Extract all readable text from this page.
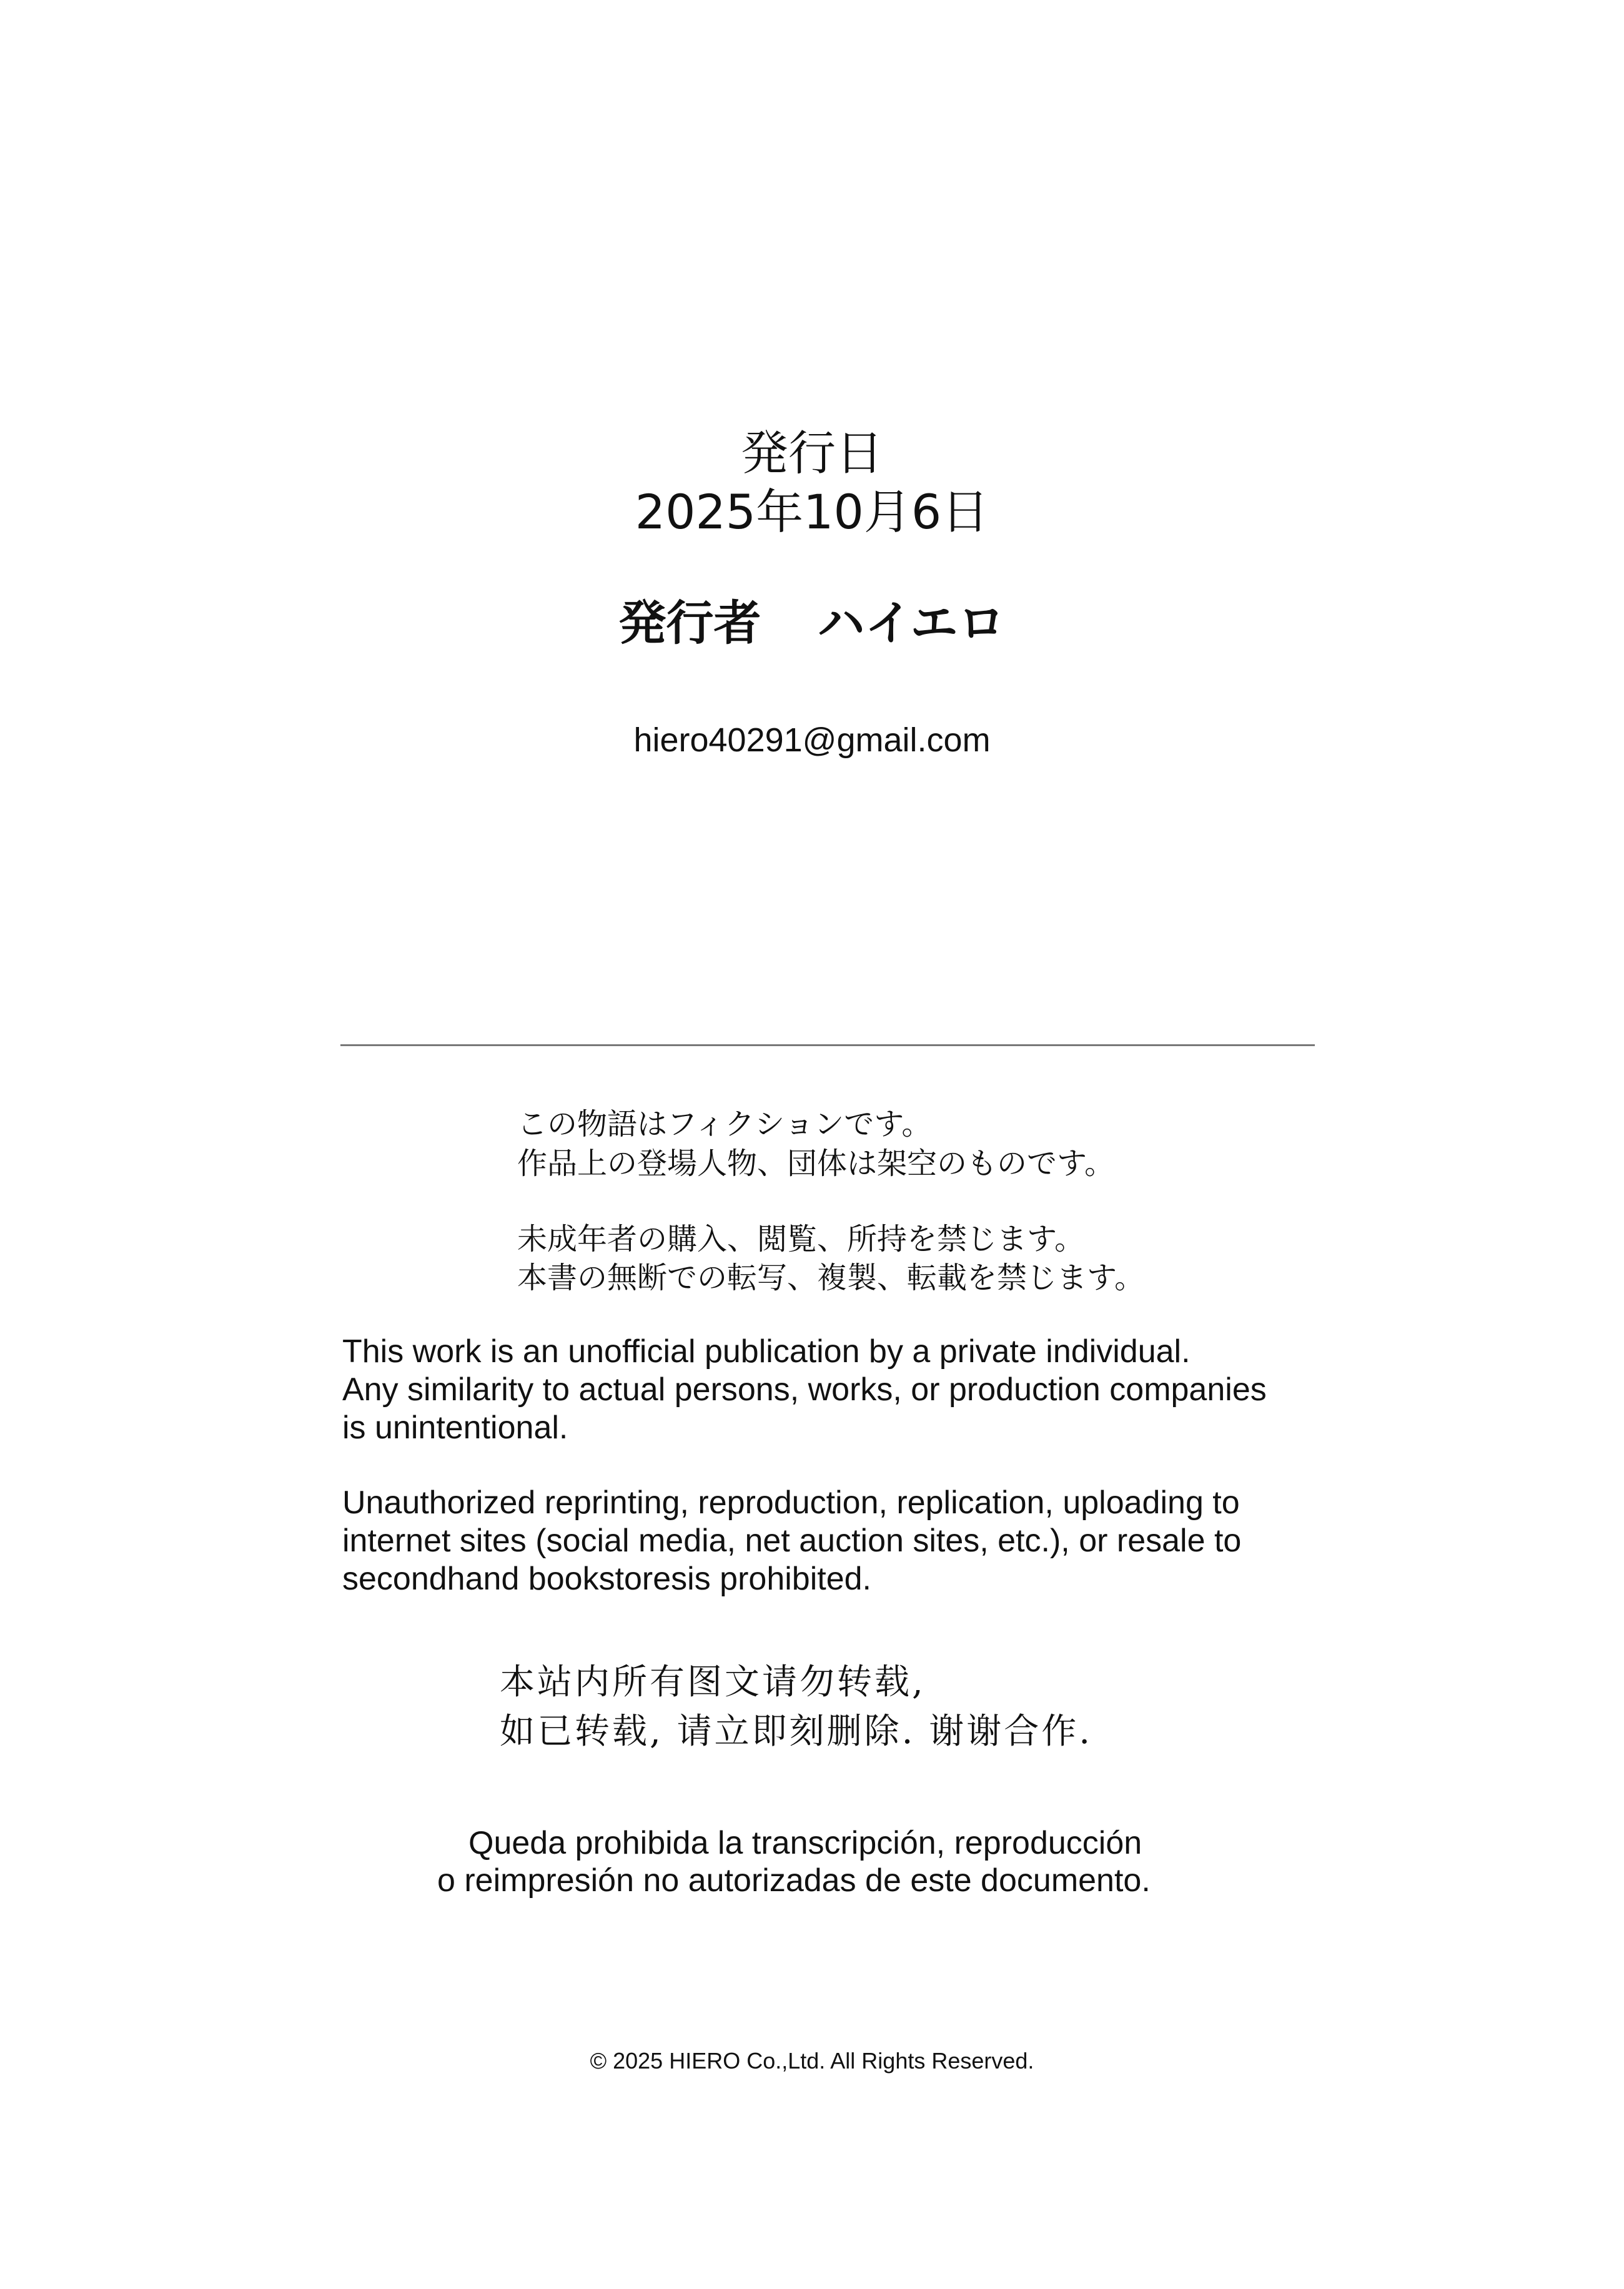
発行日
2025年10月6日
発行者 ハイエロ
hiero40291@gmail.com
この物語はフィクションです。
作品上の登場人物、団体は架空のものです。
未成年者の購入、閲覧、所持を禁じます。
本書の無断での転写、複製、転載を禁じます。
This work is an unofficial publication by a private individual.
Any similarity to actual persons, works, or production companies
is unintentional.
Unauthorized reprinting, reproduction, replication, uploading to
internet sites (social media, net auction sites, etc.), or resale to
secondhand bookstoresis prohibited.
本站内所有图文请勿转载,
如已转载, 请立即刻删除. 谢谢合作.
Queda prohibida la transcripción, reproducción
o reimpresión no autorizadas de este documento.
© 2025 HIERO Co.,Ltd. All Rights Reserved.
